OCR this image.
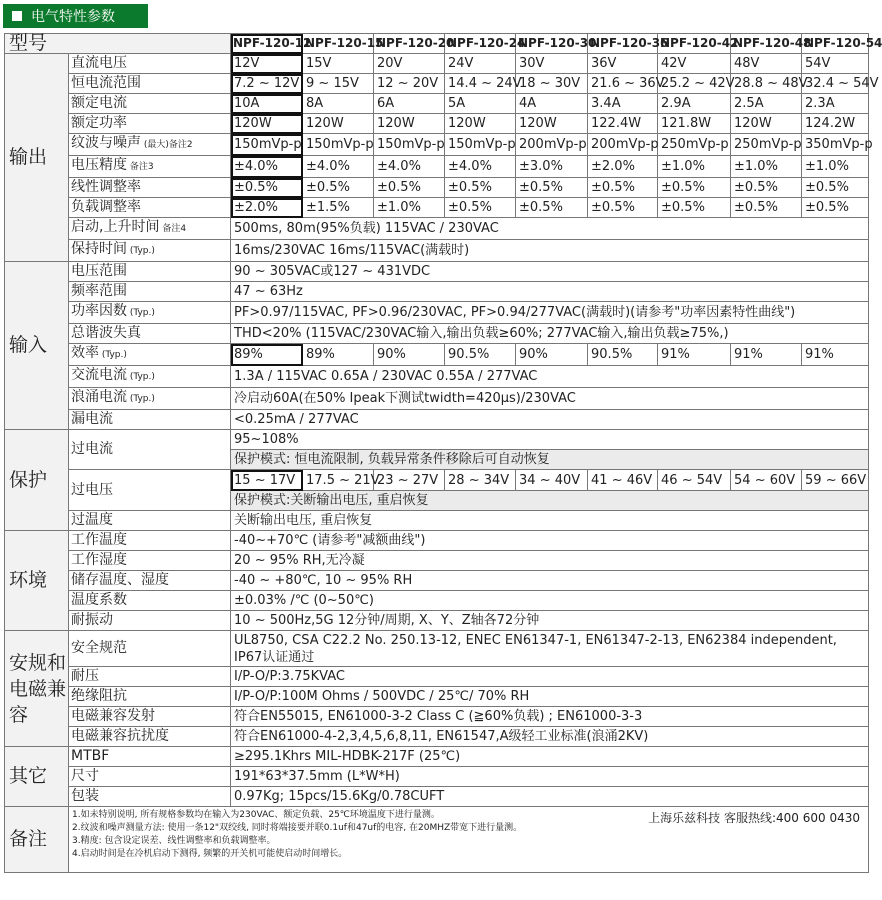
电气特性参数
型号		NPF-120-12	NPF-120-15	NPF-120-20	NPF-120-24	NPF-120-30	NPF-120-36	NPF-120-42	NPF-120-48	NPF-120-54
输出	直流电压	12V	15V	20V	24V	30V	36V	42V	48V	54V
	恒电流范围	7.2 ~ 12V	9 ~ 15V	12 ~ 20V	14.4 ~ 24V	18 ~ 30V	21.6 ~ 36V	25.2 ~ 42V	28.8 ~ 48V	32.4 ~ 54V
	额定电流	10A	8A	6A	5A	4A	3.4A	2.9A	2.5A	2.3A
	额定功率	120W	120W	120W	120W	120W	122.4W	121.8W	120W	124.2W
	纹波与噪声 (最大)备注2	150mVp-p	150mVp-p	150mVp-p	150mVp-p	200mVp-p	200mVp-p	250mVp-p	250mVp-p	350mVp-p
	电压精度 备注3	±4.0%	±4.0%	±4.0%	±4.0%	±3.0%	±2.0%	±1.0%	±1.0%	±1.0%
	线性调整率	±0.5%	±0.5%	±0.5%	±0.5%	±0.5%	±0.5%	±0.5%	±0.5%	±0.5%
	负载调整率	±2.0%	±1.5%	±1.0%	±0.5%	±0.5%	±0.5%	±0.5%	±0.5%	±0.5%
	启动,上升时间 备注4	500ms, 80m(95%负载) 115VAC / 230VAC								
	保持时间 (Typ.)	16ms/230VAC 16ms/115VAC(满载时)								
输入	电压范围	90 ~ 305VAC或127 ~ 431VDC								
	频率范围	47 ~ 63Hz								
	功率因数 (Typ.)	PF>0.97/115VAC, PF>0.96/230VAC, PF>0.94/277VAC(满载时)(请参考"功率因素特性曲线")								
	总谐波失真	THD<20% (115VAC/230VAC输入,输出负载≥60%; 277VAC输入,输出负载≥75%,)								
	效率 (Typ.)	89%	89%	90%	90.5%	90%	90.5%	91%	91%	91%
	交流电流 (Typ.)	1.3A / 115VAC 0.65A / 230VAC 0.55A / 277VAC								
	浪涌电流 (Typ.)	冷启动60A(在50% Ipeak下测试twidth=420μs)/230VAC								
	漏电流	<0.25mA / 277VAC								
保护	过电流	95~108%								
		保护模式: 恒电流限制, 负载异常条件移除后可自动恢复								
	过电压	15 ~ 17V	17.5 ~ 21V	23 ~ 27V	28 ~ 34V	34 ~ 40V	41 ~ 46V	46 ~ 54V	54 ~ 60V	59 ~ 66V
		保护模式:关断输出电压, 重启恢复								
	过温度	关断输出电压, 重启恢复								
环境	工作温度	-40~+70℃ (请参考"减额曲线")								
	工作湿度	20 ~ 95% RH,无冷凝								
	储存温度、湿度	-40 ~ +80℃, 10 ~ 95% RH								
	温度系数	±0.03% /℃ (0~50℃)								
	耐振动	10 ~ 500Hz,5G 12分钟/周期, X、Y、Z轴各72分钟								
安规和电磁兼容	安全规范	UL8750, CSA C22.2 No. 250.13-12, ENEC EN61347-1, EN61347-2-13, EN62384 independent, IP67认证通过								
	耐压	I/P-O/P:3.75KVAC								
	绝缘阻抗	I/P-O/P:100M Ohms / 500VDC / 25℃/ 70% RH								
	电磁兼容发射	符合EN55015, EN61000-3-2 Class C (≧60%负载) ; EN61000-3-3								
	电磁兼容抗扰度	符合EN61000-4-2,3,4,5,6,8,11, EN61547,A级轻工业标准(浪涌2KV)								
其它	MTBF	≥295.1Khrs MIL-HDBK-217F (25℃)								
	尺寸	191*63*37.5mm (L*W*H)								
	包装	0.97Kg; 15pcs/15.6Kg/0.78CUFT								
备注	1.如未特别说明, 所有规格参数均在输入为230VAC、额定负载、25℃环境温度下进行量测。
2.纹波和噪声测量方法: 使用一条12"双绞线, 同时将端接要并联0.1uf和47uf的电容, 在20MHZ带宽下进行量测。
3.精度: 包含设定误差、线性调整率和负载调整率。
4.启动时间是在冷机启动下测得, 频繁的开关机可能使启动时间增长。
上海乐兹科技 客服热线:400 600 0430									
